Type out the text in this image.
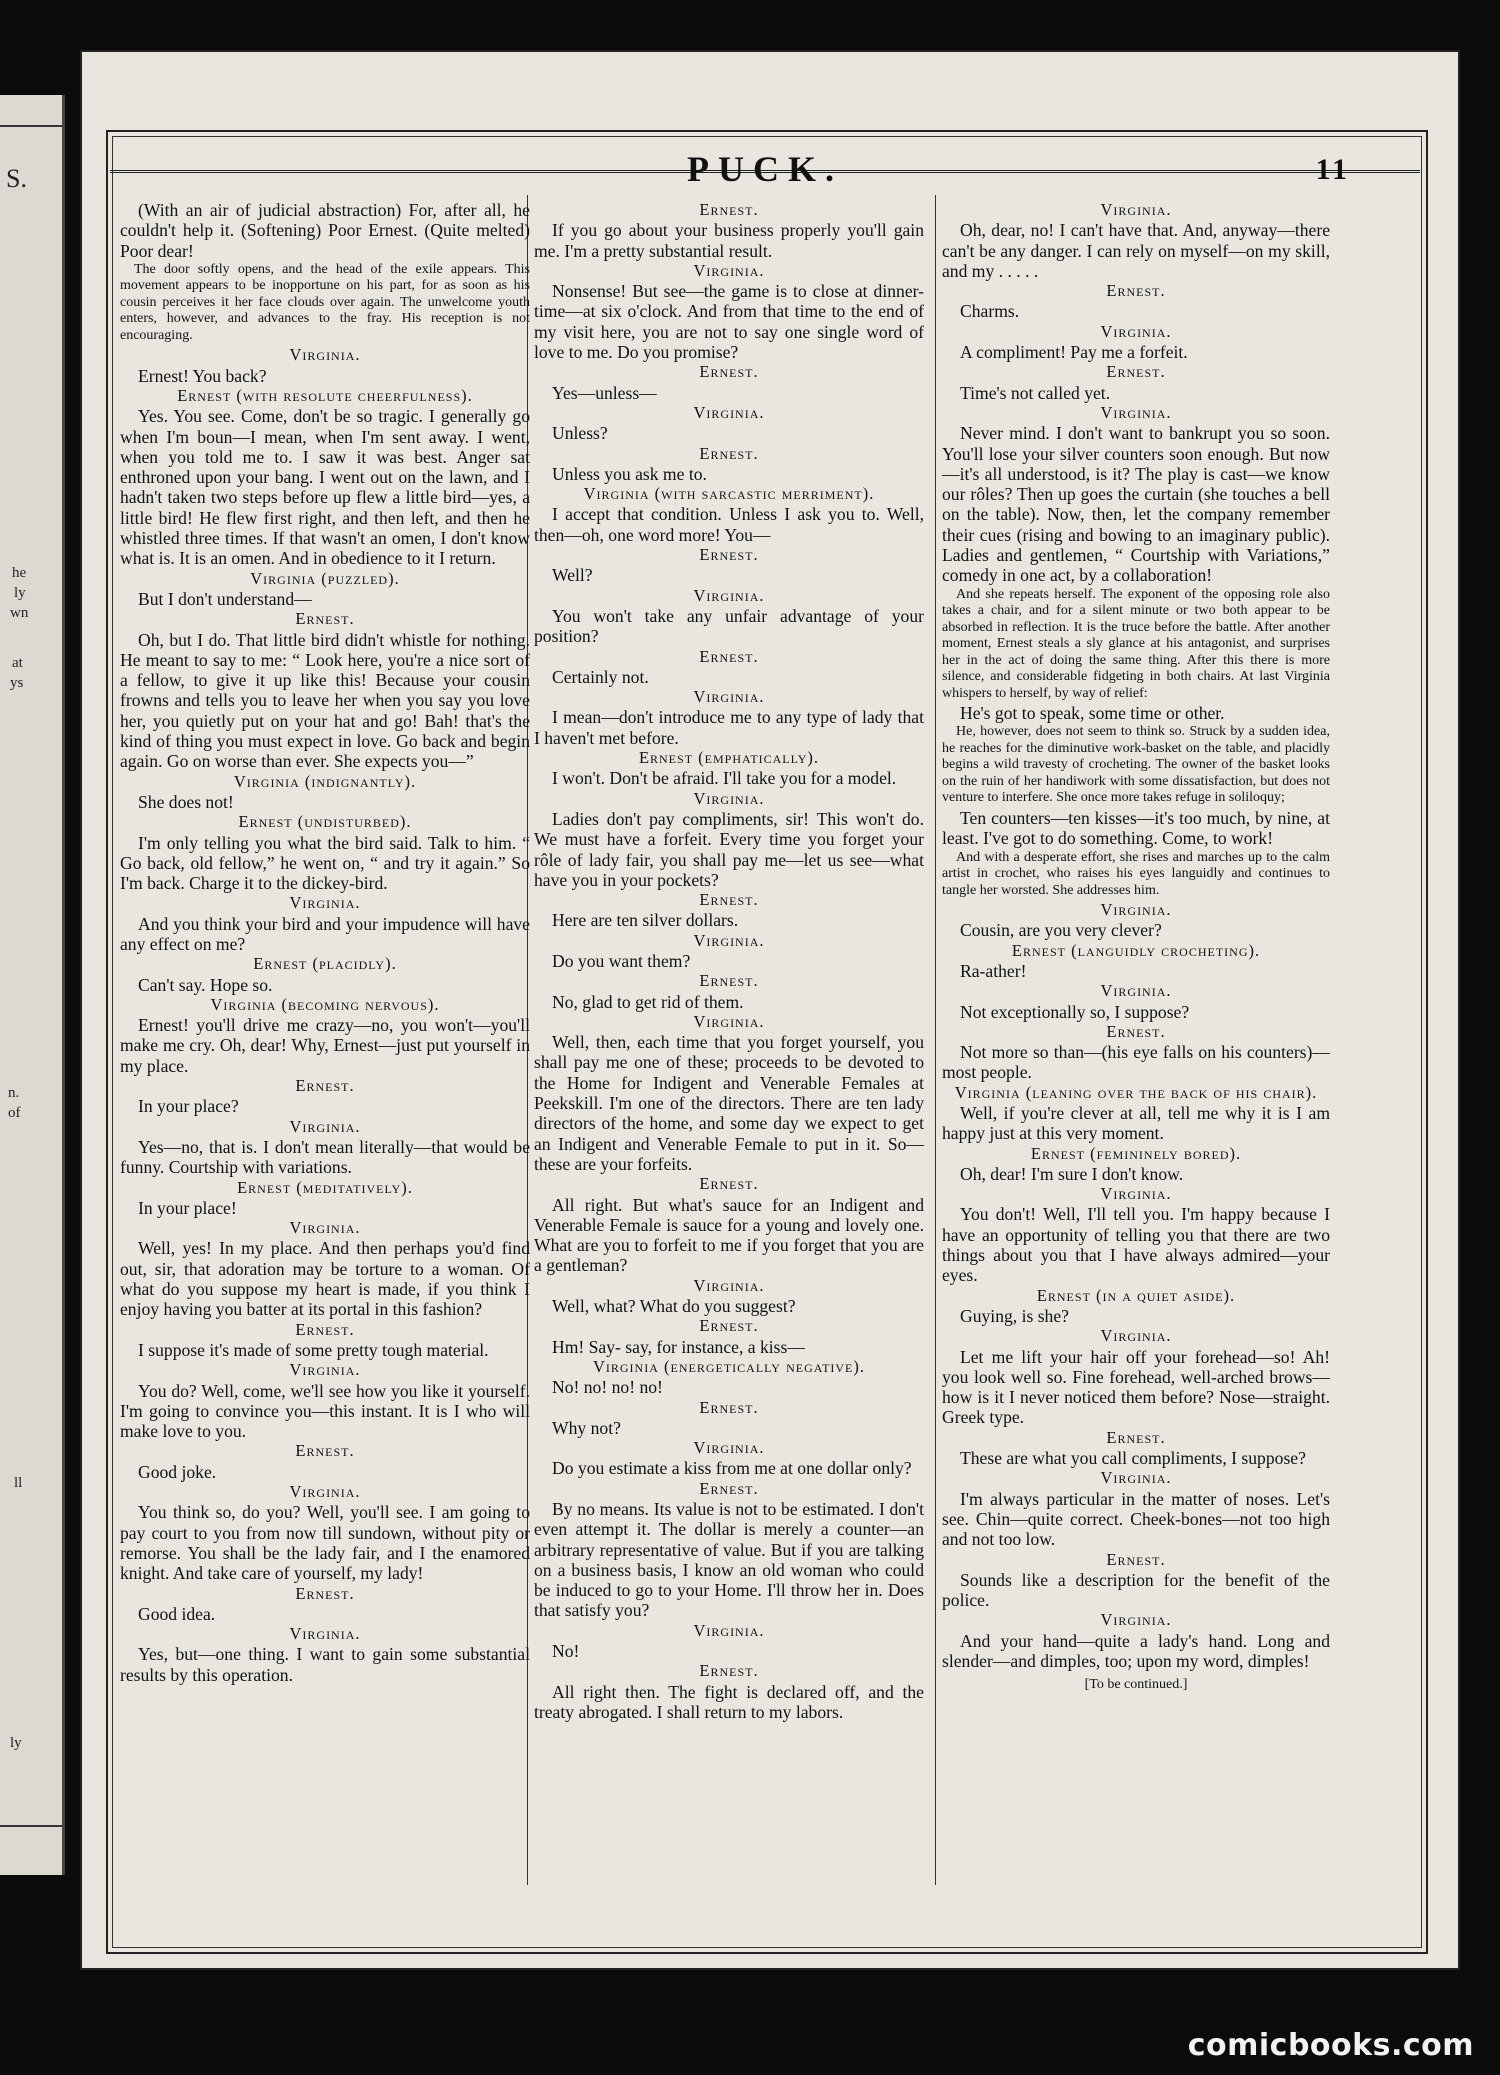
S.
he
ly
wn
at
ys
n.
of
ll
ly
PUCK.	11
(With an air of judicial abstraction) For, after all, he couldn't help it. (Softening) Poor Ernest. (Quite melted) Poor dear!
The door softly opens, and the head of the exile appears. This movement appears to be inopportune on his part, for as soon as his cousin perceives it her face clouds over again. The unwelcome youth enters, however, and advances to the fray. His reception is not encouraging.
Virginia.
Ernest! You back?
Ernest (with resolute cheerfulness).
Yes. You see. Come, don't be so tragic. I generally go when I'm boun—I mean, when I'm sent away. I went, when you told me to. I saw it was best. Anger sat enthroned upon your bang. I went out on the lawn, and I hadn't taken two steps before up flew a little bird—yes, a little bird! He flew first right, and then left, and then he whistled three times. If that wasn't an omen, I don't know what is. It is an omen. And in obedience to it I return.
Virginia (puzzled).
But I don't understand—
Ernest.
Oh, but I do. That little bird didn't whistle for nothing. He meant to say to me: “ Look here, you're a nice sort of a fellow, to give it up like this! Because your cousin frowns and tells you to leave her when you say you love her, you quietly put on your hat and go! Bah! that's the kind of thing you must expect in love. Go back and begin again. Go on worse than ever. She expects you—”
Virginia (indignantly).
She does not!
Ernest (undisturbed).
I'm only telling you what the bird said. Talk to him. “ Go back, old fellow,” he went on, “ and try it again.” So I'm back. Charge it to the dickey-bird.
Virginia.
And you think your bird and your impudence will have any effect on me?
Ernest (placidly).
Can't say. Hope so.
Virginia (becoming nervous).
Ernest! you'll drive me crazy—no, you won't—you'll make me cry. Oh, dear! Why, Ernest—just put yourself in my place.
Ernest.
In your place?
Virginia.
Yes—no, that is. I don't mean literally—that would be funny. Courtship with variations.
Ernest (meditatively).
In your place!
Virginia.
Well, yes! In my place. And then perhaps you'd find out, sir, that adoration may be torture to a woman. Of what do you suppose my heart is made, if you think I enjoy having you batter at its portal in this fashion?
Ernest.
I suppose it's made of some pretty tough material.
Virginia.
You do? Well, come, we'll see how you like it yourself. I'm going to convince you—this instant. It is I who will make love to you.
Ernest.
Good joke.
Virginia.
You think so, do you? Well, you'll see. I am going to pay court to you from now till sundown, without pity or remorse. You shall be the lady fair, and I the enamored knight. And take care of yourself, my lady!
Ernest.
Good idea.
Virginia.
Yes, but—one thing. I want to gain some substantial results by this operation.
Ernest.
If you go about your business properly you'll gain me. I'm a pretty substantial result.
Virginia.
Nonsense! But see—the game is to close at dinner-time—at six o'clock. And from that time to the end of my visit here, you are not to say one single word of love to me. Do you promise?
Ernest.
Yes—unless—
Virginia.
Unless?
Ernest.
Unless you ask me to.
Virginia (with sarcastic merriment).
I accept that condition. Unless I ask you to. Well, then—oh, one word more! You—
Ernest.
Well?
Virginia.
You won't take any unfair advantage of your position?
Ernest.
Certainly not.
Virginia.
I mean—don't introduce me to any type of lady that I haven't met before.
Ernest (emphatically).
I won't. Don't be afraid. I'll take you for a model.
Virginia.
Ladies don't pay compliments, sir! This won't do. We must have a forfeit. Every time you forget your rôle of lady fair, you shall pay me—let us see—what have you in your pockets?
Ernest.
Here are ten silver dollars.
Virginia.
Do you want them?
Ernest.
No, glad to get rid of them.
Virginia.
Well, then, each time that you forget yourself, you shall pay me one of these; proceeds to be devoted to the Home for Indigent and Venerable Females at Peekskill. I'm one of the directors. There are ten lady directors of the home, and some day we expect to get an Indigent and Venerable Female to put in it. So—these are your forfeits.
Ernest.
All right. But what's sauce for an Indigent and Venerable Female is sauce for a young and lovely one. What are you to forfeit to me if you forget that you are a gentleman?
Virginia.
Well, what? What do you suggest?
Ernest.
Hm! Say- say, for instance, a kiss—
Virginia (energetically negative).
No! no! no! no!
Ernest.
Why not?
Virginia.
Do you estimate a kiss from me at one dollar only?
Ernest.
By no means. Its value is not to be estimated. I don't even attempt it. The dollar is merely a counter—an arbitrary representative of value. But if you are talking on a business basis, I know an old woman who could be induced to go to your Home. I'll throw her in. Does that satisfy you?
Virginia.
No!
Ernest.
All right then. The fight is declared off, and the treaty abrogated. I shall return to my labors.
Virginia.
Oh, dear, no! I can't have that. And, anyway—there can't be any danger. I can rely on myself—on my skill, and my . . . . .
Ernest.
Charms.
Virginia.
A compliment! Pay me a forfeit.
Ernest.
Time's not called yet.
Virginia.
Never mind. I don't want to bankrupt you so soon. You'll lose your silver counters soon enough. But now—it's all understood, is it? The play is cast—we know our rôles? Then up goes the curtain (she touches a bell on the table). Now, then, let the company remember their cues (rising and bowing to an imaginary public). Ladies and gentlemen, “ Courtship with Variations,” comedy in one act, by a collaboration!
And she repeats herself. The exponent of the opposing role also takes a chair, and for a silent minute or two both appear to be absorbed in reflection. It is the truce before the battle. After another moment, Ernest steals a sly glance at his antagonist, and surprises her in the act of doing the same thing. After this there is more silence, and considerable fidgeting in both chairs. At last Virginia whispers to herself, by way of relief:
He's got to speak, some time or other.
He, however, does not seem to think so. Struck by a sudden idea, he reaches for the diminutive work-basket on the table, and placidly begins a wild travesty of crocheting. The owner of the basket looks on the ruin of her handiwork with some dissatisfaction, but does not venture to interfere. She once more takes refuge in soliloquy;
Ten counters—ten kisses—it's too much, by nine, at least. I've got to do something. Come, to work!
And with a desperate effort, she rises and marches up to the calm artist in crochet, who raises his eyes languidly and continues to tangle her worsted. She addresses him.
Virginia.
Cousin, are you very clever?
Ernest (languidly crocheting).
Ra-ather!
Virginia.
Not exceptionally so, I suppose?
Ernest.
Not more so than—(his eye falls on his counters)—most people.
Virginia (leaning over the back of his chair).
Well, if you're clever at all, tell me why it is I am happy just at this very moment.
Ernest (femininely bored).
Oh, dear! I'm sure I don't know.
Virginia.
You don't! Well, I'll tell you. I'm happy because I have an opportunity of telling you that there are two things about you that I have always admired—your eyes.
Ernest (in a quiet aside).
Guying, is she?
Virginia.
Let me lift your hair off your forehead—so! Ah! you look well so. Fine forehead, well-arched brows—how is it I never noticed them before? Nose—straight. Greek type.
Ernest.
These are what you call compliments, I suppose?
Virginia.
I'm always particular in the matter of noses. Let's see. Chin—quite correct. Cheek-bones—not too high and not too low.
Ernest.
Sounds like a description for the benefit of the police.
Virginia.
And your hand—quite a lady's hand. Long and slender—and dimples, too; upon my word, dimples!
[To be continued.]
comicbooks.com
